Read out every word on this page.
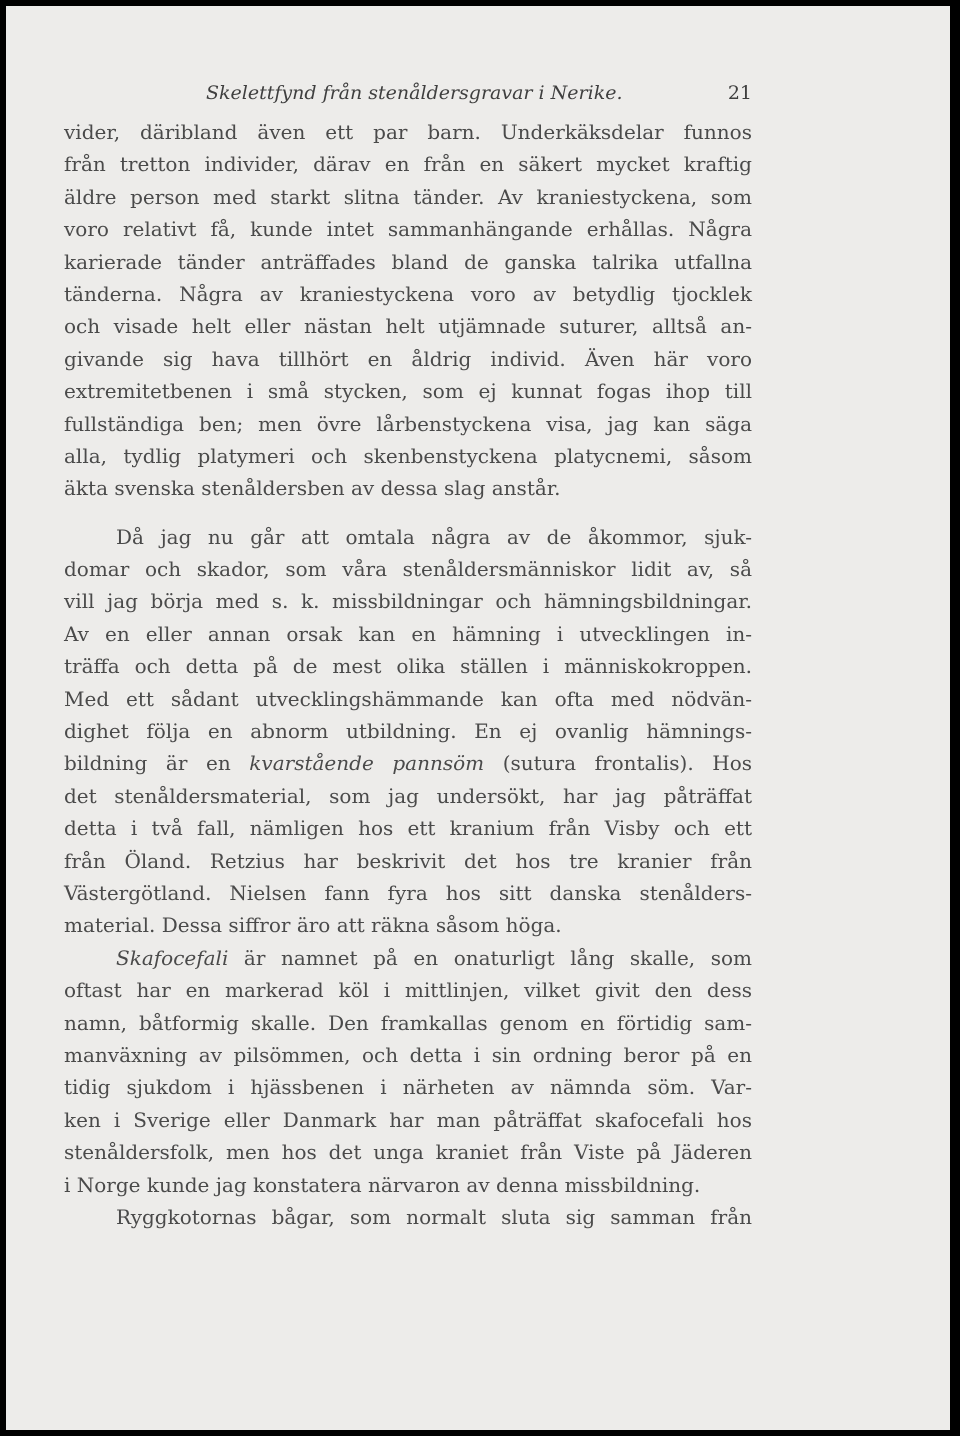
Skelettfynd från stenåldersgravar i Nerike.	21
vider, däribland även ett par barn. Underkäksdelar funnos
från tretton individer, därav en från en säkert mycket kraftig
äldre person med starkt slitna tänder. Av kraniestyckena, som
voro relativt få, kunde intet sammanhängande erhållas. Några
karierade tänder anträffades bland de ganska talrika utfallna
tänderna. Några av kraniestyckena voro av betydlig tjocklek
och visade helt eller nästan helt utjämnade suturer, alltså an-
givande sig hava tillhört en åldrig individ. Även här voro
extremitetbenen i små stycken, som ej kunnat fogas ihop till
fullständiga ben; men övre lårbenstyckena visa, jag kan säga
alla, tydlig platymeri och skenbenstyckena platycnemi, såsom
äkta svenska stenåldersben av dessa slag anstår.
Då jag nu går att omtala några av de åkommor, sjuk-
domar och skador, som våra stenåldersmänniskor lidit av, så
vill jag börja med s. k. missbildningar och hämningsbildningar.
Av en eller annan orsak kan en hämning i utvecklingen in-
träffa och detta på de mest olika ställen i människokroppen.
Med ett sådant utvecklingshämmande kan ofta med nödvän-
dighet följa en abnorm utbildning. En ej ovanlig hämnings-
bildning är en kvarstående pannsöm (sutura frontalis). Hos
det stenåldersmaterial, som jag undersökt, har jag påträffat
detta i två fall, nämligen hos ett kranium från Visby och ett
från Öland. Retzius har beskrivit det hos tre kranier från
Västergötland. Nielsen fann fyra hos sitt danska stenålders-
material. Dessa siffror äro att räkna såsom höga.
Skafocefali är namnet på en onaturligt lång skalle, som
oftast har en markerad köl i mittlinjen, vilket givit den dess
namn, båtformig skalle. Den framkallas genom en förtidig sam-
manväxning av pilsömmen, och detta i sin ordning beror på en
tidig sjukdom i hjässbenen i närheten av nämnda söm. Var-
ken i Sverige eller Danmark har man påträffat skafocefali hos
stenåldersfolk, men hos det unga kraniet från Viste på Jäderen
i Norge kunde jag konstatera närvaron av denna missbildning.
Ryggkotornas bågar, som normalt sluta sig samman från
